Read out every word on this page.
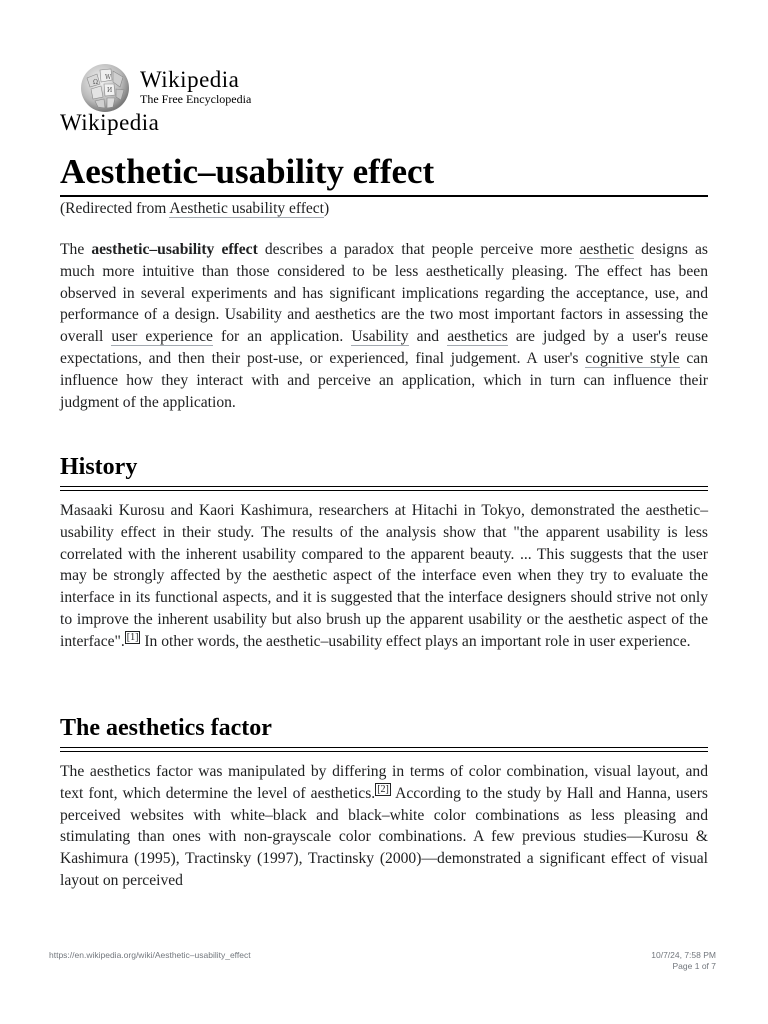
Ω
W
И Wikipedia
The Free Encyclopedia
Wikipedia
Aesthetic–usability effect
(Redirected from Aesthetic usability effect)

The aesthetic–usability effect describes a paradox that people perceive more aesthetic designs as much more intuitive than those considered to be less aesthetically pleasing. The effect has been observed in several experiments and has significant implications regarding the acceptance, use, and performance of a design. Usability and aesthetics are the two most important factors in assessing the overall user experience for an application. Usability and aesthetics are judged by a user's reuse expectations, and then their post-use, or experienced, final judgement. A user's cognitive style can influence how they interact with and perceive an application, which in turn can influence their judgment of the application.

History

Masaaki Kurosu and Kaori Kashimura, researchers at Hitachi in Tokyo, demonstrated the aesthetic–usability effect in their study. The results of the analysis show that "the apparent usability is less correlated with the inherent usability compared to the apparent beauty. ... This suggests that the user may be strongly affected by the aesthetic aspect of the interface even when they try to evaluate the interface in its functional aspects, and it is suggested that the interface designers should strive not only to improve the inherent usability but also brush up the apparent usability or the aesthetic aspect of the interface". [1] In other words, the aesthetic–usability effect plays an important role in user experience.

The aesthetics factor

The aesthetics factor was manipulated by differing in terms of color combination, visual layout, and text font, which determine the level of aesthetics. [2] According to the study by Hall and Hanna, users perceived websites with white–black and black–white color combinations as less pleasing and stimulating than ones with non-grayscale color combinations. A few previous studies—Kurosu & Kashimura (1995), Tractinsky (1997), Tractinsky (2000)—demonstrated a significant effect of visual layout on perceived

https://en.wikipedia.org/wiki/Aesthetic–usability_effect	10/7/24, 7:58 PM
Page 1 of 7
